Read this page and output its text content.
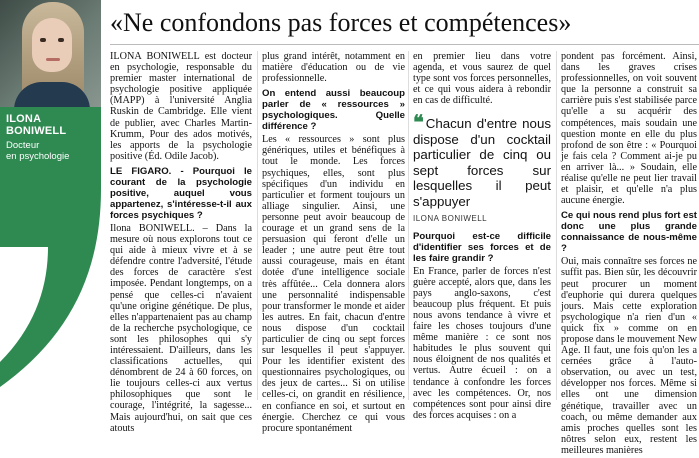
ILONA
BONIWELL
Docteur
en psychologie
«Ne confondons pas forces et compétences»

ILONA BONIWELL est docteur en psychologie, responsable du premier master international de psychologie positive appliquée (MAPP) à l'université Anglia Ruskin de Cambridge. Elle vient de publier, avec Charles Martin-Krumm, Pour des ados motivés, les apports de la psychologie positive (Éd. Odile Jacob).

LE FIGARO. - Pourquoi le courant de la psychologie positive, auquel vous appartenez, s'intéresse-t-il aux forces psychiques ?

Ilona BONIWELL. – Dans la mesure où nous explorons tout ce qui aide à mieux vivre et à se défendre contre l'adversité, l'étude des forces de caractère s'est imposée. Pendant longtemps, on a pensé que celles-ci n'avaient qu'une origine génétique. De plus, elles n'appartenaient pas au champ de la recherche psychologique, ce sont les philosophes qui s'y intéressaient. D'ailleurs, dans les classifications actuelles, qui dénombrent de 24 à 60 forces, on lie toujours celles-ci aux vertus philosophiques que sont le courage, l'intégrité, la sagesse... Mais aujourd'hui, on sait que ces atouts

plus grand intérêt, notamment en matière d'éducation ou de vie professionnelle.

On entend aussi beaucoup parler de « ressources » psychologiques. Quelle différence ?

Les « ressources » sont plus génériques, utiles et bénéfiques à tout le monde. Les forces psychiques, elles, sont plus spécifiques d'un individu en particulier et forment toujours un alliage singulier. Ainsi, une personne peut avoir beaucoup de courage et un grand sens de la persuasion qui feront d'elle un leader ; une autre peut être tout aussi courageuse, mais en étant dotée d'une intelligence sociale très affûtée... Cela donnera alors une personnalité indispensable pour transformer le monde et aider les autres. En fait, chacun d'entre nous dispose d'un cocktail particulier de cinq ou sept forces sur lesquelles il peut s'appuyer. Pour les identifier existent des questionnaires psychologiques, ou des jeux de cartes... Si on utilise celles-ci, on grandit en résilience, en confiance en soi, et surtout en énergie. Cherchez ce qui vous procure spontanément

en premier lieu dans votre agenda, et vous saurez de quel type sont vos forces personnelles, et ce qui vous aidera à rebondir en cas de difficulté.

❝ Chacun d'entre nous dispose d'un cocktail particulier de cinq ou sept forces sur lesquelles il peut s'appuyer
ILONA BONIWELL
Pourquoi est-ce difficile d'identifier ses forces et de les faire grandir ?

En France, parler de forces n'est guère accepté, alors que, dans les pays anglo-saxons, c'est beaucoup plus fréquent. Et puis nous avons tendance à vivre et faire les choses toujours d'une même manière : ce sont nos habitudes le plus souvent qui nous éloignent de nos qualités et vertus. Autre écueil : on a tendance à confondre les forces avec les compétences. Or, nos compétences sont pour ainsi dire des forces acquises : on a

pondent pas forcément. Ainsi, dans les graves crises professionnelles, on voit souvent que la personne a construit sa carrière puis s'est stabilisée parce qu'elle a su acquérir des compétences, mais soudain une question monte en elle du plus profond de son être : « Pourquoi je fais cela ? Comment ai-je pu en arriver là... » Soudain, elle réalise qu'elle ne peut lier travail et plaisir, et qu'elle n'a plus aucune énergie.

Ce qui nous rend plus fort est donc une plus grande connaissance de nous-même ?

Oui, mais connaître ses forces ne suffit pas. Bien sûr, les découvrir peut procurer un moment d'euphorie qui durera quelques jours. Mais cette exploration psychologique n'a rien d'un « quick fix » comme on en propose dans le mouvement New Age. Il faut, une fois qu'on les a cernées grâce à l'auto-observation, ou avec un test, développer nos forces. Même si elles ont une dimension génétique, travailler avec un coach, ou même demander aux amis proches quelles sont les nôtres selon eux, restent les meilleures manières
